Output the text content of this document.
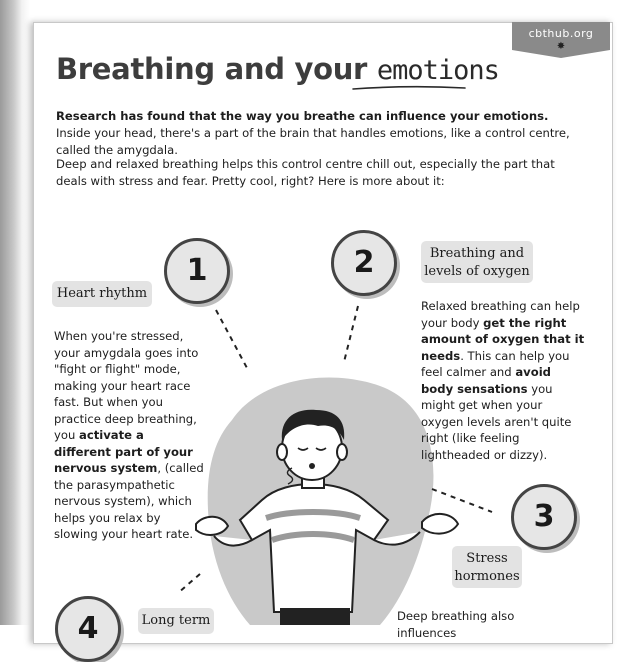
cbthub.org
✸
Breathing and your emotions
Research has found that the way you breathe can influence your emotions. Inside your head, there's a part of the brain that handles emotions, like a control centre, called the amygdala.
Deep and relaxed breathing helps this control centre chill out, especially the part that deals with stress and fear. Pretty cool, right? Here is more about it:
1	2
3
4
Heart rhythm
Breathing and
levels of oxygen
Stress
hormones
Long term
When you're stressed, your amygdala goes into "fight or flight" mode, making your heart race fast. But when you practice deep breathing, you activate a different part of your nervous system, (called the parasympathetic nervous system), which helps you relax by slowing your heart rate.
Relaxed breathing can help your body get the right amount of oxygen that it needs. This can help you feel calmer and avoid body sensations you might get when your oxygen levels aren't quite right (like feeling lightheaded or dizzy).
Deep breathing also influences
